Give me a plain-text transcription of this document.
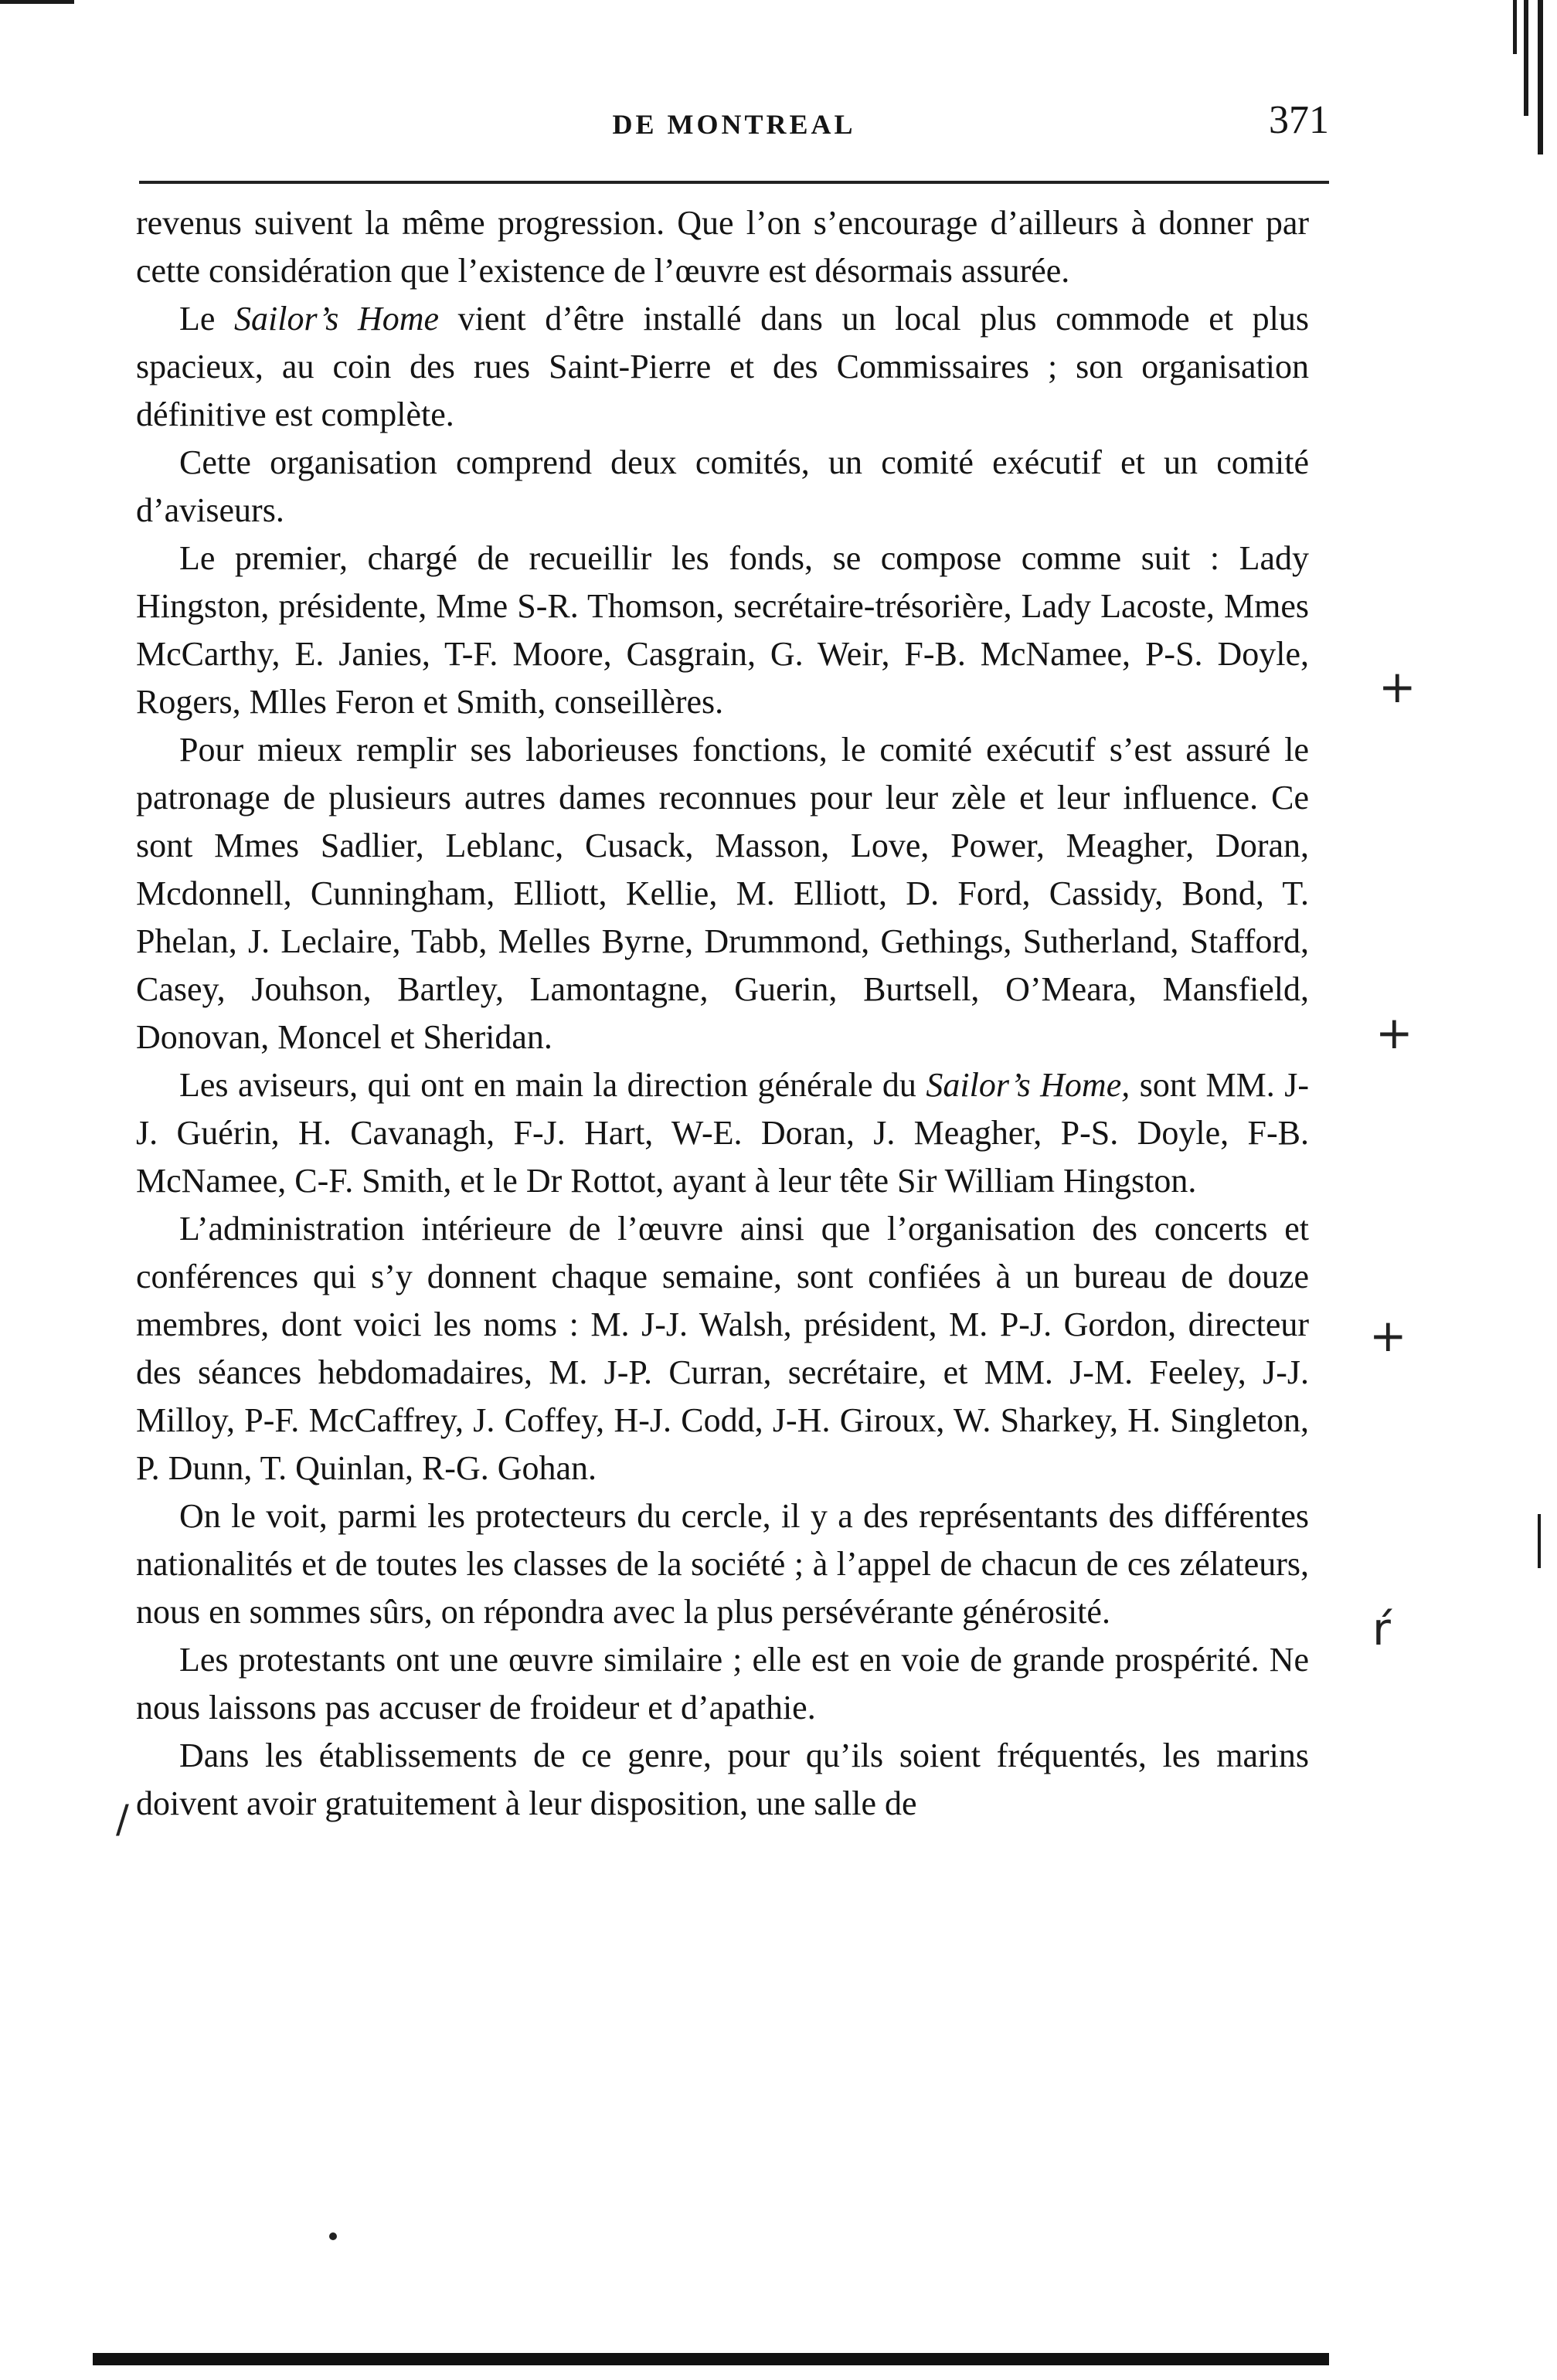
DE MONTREAL	371

revenus suivent la même progression. Que l’on s’encourage d’ailleurs à donner par cette considération que l’existence de l’œuvre est désormais assurée.

Le Sailor’s Home vient d’être installé dans un local plus commode et plus spacieux, au coin des rues Saint-Pierre et des Commissaires ; son organisation définitive est complète.

Cette organisation comprend deux comités, un comité exécutif et un comité d’aviseurs.

Le premier, chargé de recueillir les fonds, se compose comme suit : Lady Hingston, présidente, Mme S-R. Thomson, secrétaire-trésorière, Lady Lacoste, Mmes McCarthy, E. Janies, T-F. Moore, Casgrain, G. Weir, F-B. McNamee, P-S. Doyle, Rogers, Mlles Feron et Smith, conseillères.

Pour mieux remplir ses laborieuses fonctions, le comité exécutif s’est assuré le patronage de plusieurs autres dames reconnues pour leur zèle et leur influence. Ce sont Mmes Sadlier, Leblanc, Cusack, Masson, Love, Power, Meagher, Doran, Mcdonnell, Cunningham, Elliott, Kellie, M. Elliott, D. Ford, Cassidy, Bond, T. Phelan, J. Leclaire, Tabb, Melles Byrne, Drummond, Gethings, Sutherland, Stafford, Casey, Jouhson, Bartley, Lamontagne, Guerin, Burtsell, O’Meara, Mansfield, Donovan, Moncel et Sheridan.

Les aviseurs, qui ont en main la direction générale du Sailor’s Home, sont MM. J-J. Guérin, H. Cavanagh, F-J. Hart, W-E. Doran, J. Meagher, P-S. Doyle, F-B. McNamee, C-F. Smith, et le Dr Rottot, ayant à leur tête Sir William Hingston.

L’administration intérieure de l’œuvre ainsi que l’organisation des concerts et conférences qui s’y donnent chaque semaine, sont confiées à un bureau de douze membres, dont voici les noms : M. J-J. Walsh, président, M. P-J. Gordon, directeur des séances hebdomadaires, M. J-P. Curran, secrétaire, et MM. J-M. Feeley, J-J. Milloy, P-F. McCaffrey, J. Coffey, H-J. Codd, J-H. Giroux, W. Sharkey, H. Singleton, P. Dunn, T. Quinlan, R-G. Gohan.

On le voit, parmi les protecteurs du cercle, il y a des représentants des différentes nationalités et de toutes les classes de la société ; à l’appel de chacun de ces zélateurs, nous en sommes sûrs, on répondra avec la plus persévérante générosité.

Les protestants ont une œuvre similaire ; elle est en voie de grande prospérité. Ne nous laissons pas accuser de froideur et d’apathie.

Dans les établissements de ce genre, pour qu’ils soient fréquentés, les marins doivent avoir gratuitement à leur disposition, une salle de

+
+
+
ŕ
/
